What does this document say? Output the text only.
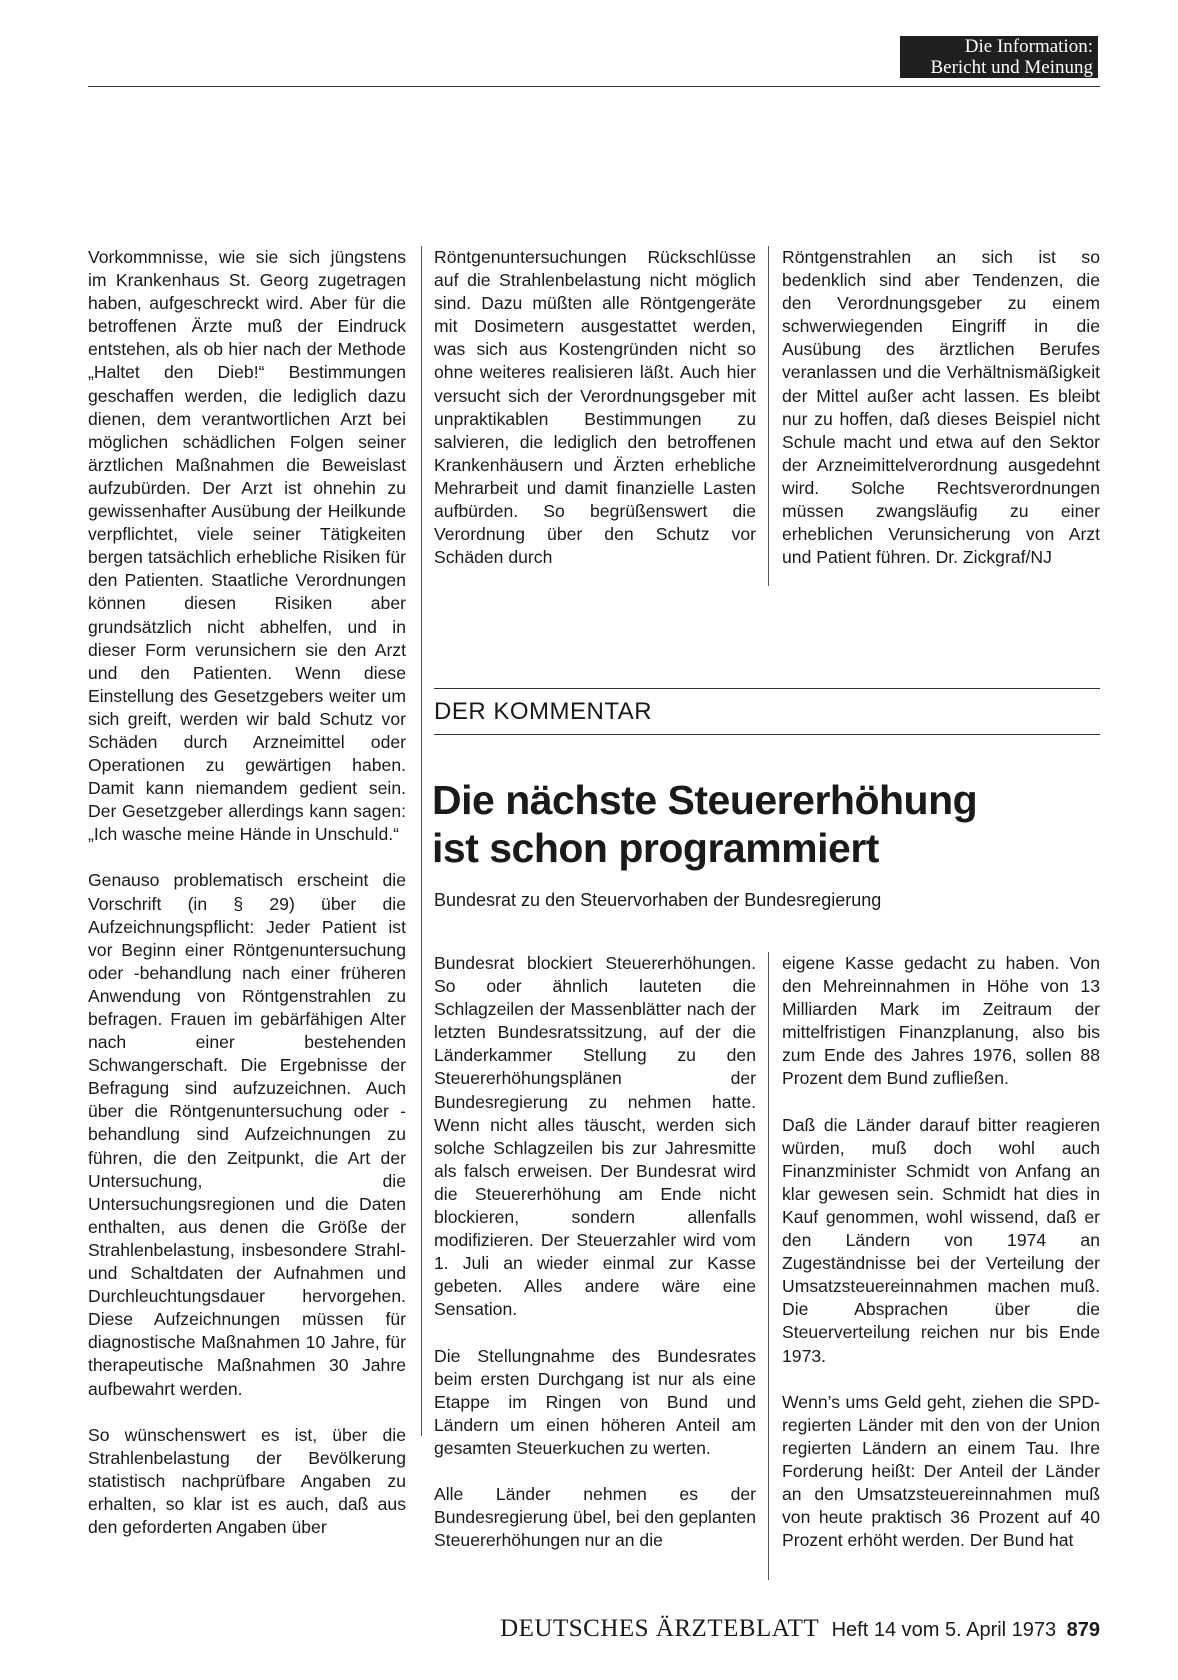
Die Information:
Bericht und Meinung

Vorkommnisse, wie sie sich jüngstens im Krankenhaus St. Georg zugetragen haben, aufgeschreckt wird. Aber für die betroffenen Ärzte muß der Eindruck entstehen, als ob hier nach der Methode „Haltet den Dieb!“ Bestimmungen geschaffen werden, die lediglich dazu dienen, dem verantwortlichen Arzt bei möglichen schädlichen Folgen seiner ärztlichen Maßnahmen die Beweislast aufzubürden. Der Arzt ist ohnehin zu gewissenhafter Ausübung der Heilkunde verpflichtet, viele seiner Tätigkeiten bergen tatsächlich erhebliche Risiken für den Patienten. Staatliche Verordnungen können diesen Risiken aber grundsätzlich nicht abhelfen, und in dieser Form verunsichern sie den Arzt und den Patienten. Wenn diese Einstellung des Gesetzgebers weiter um sich greift, werden wir bald Schutz vor Schäden durch Arzneimittel oder Operationen zu gewärtigen haben. Damit kann niemandem gedient sein. Der Gesetzgeber allerdings kann sagen: „Ich wasche meine Hände in Unschuld.“

Genauso problematisch erscheint die Vorschrift (in § 29) über die Aufzeichnungspflicht: Jeder Patient ist vor Beginn einer Röntgenuntersuchung oder -behandlung nach einer früheren Anwendung von Röntgenstrahlen zu befragen. Frauen im gebärfähigen Alter nach einer bestehenden Schwangerschaft. Die Ergebnisse der Befragung sind aufzuzeichnen. Auch über die Röntgenuntersuchung oder -behandlung sind Aufzeichnungen zu führen, die den Zeitpunkt, die Art der Untersuchung, die Untersuchungsregionen und die Daten enthalten, aus denen die Größe der Strahlenbelastung, insbesondere Strahl- und Schaltdaten der Aufnahmen und Durchleuchtungsdauer hervorgehen. Diese Aufzeichnungen müssen für diagnostische Maßnahmen 10 Jahre, für therapeutische Maßnahmen 30 Jahre aufbewahrt werden.

So wünschenswert es ist, über die Strahlenbelastung der Bevölkerung statistisch nachprüfbare Angaben zu erhalten, so klar ist es auch, daß aus den geforderten Angaben über

Röntgenuntersuchungen Rückschlüsse auf die Strahlenbelastung nicht möglich sind. Dazu müßten alle Röntgengeräte mit Dosimetern ausgestattet werden, was sich aus Kostengründen nicht so ohne weiteres realisieren läßt. Auch hier versucht sich der Verordnungsgeber mit unpraktikablen Bestimmungen zu salvieren, die lediglich den betroffenen Krankenhäusern und Ärzten erhebliche Mehrarbeit und damit finanzielle Lasten aufbürden. So begrüßenswert die Verordnung über den Schutz vor Schäden durch

Röntgenstrahlen an sich ist so bedenklich sind aber Tendenzen, die den Verordnungsgeber zu einem schwerwiegenden Eingriff in die Ausübung des ärztlichen Berufes veranlassen und die Verhältnismäßigkeit der Mittel außer acht lassen. Es bleibt nur zu hoffen, daß dieses Beispiel nicht Schule macht und etwa auf den Sektor der Arzneimittelverordnung ausgedehnt wird. Solche Rechtsverordnungen müssen zwangsläufig zu einer erheblichen Verunsicherung von Arzt und Patient führen. Dr. Zickgraf/NJ

DER KOMMENTAR
Die nächste Steuererhöhung
ist schon programmiert
Bundesrat zu den Steuervorhaben der Bundesregierung

Bundesrat blockiert Steuererhöhungen. So oder ähnlich lauteten die Schlagzeilen der Massenblätter nach der letzten Bundesratssitzung, auf der die Länderkammer Stellung zu den Steuererhöhungsplänen der Bundesregierung zu nehmen hatte. Wenn nicht alles täuscht, werden sich solche Schlagzeilen bis zur Jahresmitte als falsch erweisen. Der Bundesrat wird die Steuererhöhung am Ende nicht blockieren, sondern allenfalls modifizieren. Der Steuerzahler wird vom 1. Juli an wieder einmal zur Kasse gebeten. Alles andere wäre eine Sensation.

Die Stellungnahme des Bundesrates beim ersten Durchgang ist nur als eine Etappe im Ringen von Bund und Ländern um einen höheren Anteil am gesamten Steuerkuchen zu werten.

Alle Länder nehmen es der Bundesregierung übel, bei den geplanten Steuererhöhungen nur an die

eigene Kasse gedacht zu haben. Von den Mehreinnahmen in Höhe von 13 Milliarden Mark im Zeitraum der mittelfristigen Finanzplanung, also bis zum Ende des Jahres 1976, sollen 88 Prozent dem Bund zufließen.

Daß die Länder darauf bitter reagieren würden, muß doch wohl auch Finanzminister Schmidt von Anfang an klar gewesen sein. Schmidt hat dies in Kauf genommen, wohl wissend, daß er den Ländern von 1974 an Zugeständnisse bei der Verteilung der Umsatzsteuereinnahmen machen muß. Die Absprachen über die Steuerverteilung reichen nur bis Ende 1973.

Wenn’s ums Geld geht, ziehen die SPD-regierten Länder mit den von der Union regierten Ländern an einem Tau. Ihre Forderung heißt: Der Anteil der Länder an den Umsatzsteuereinnahmen muß von heute praktisch 36 Prozent auf 40 Prozent erhöht werden. Der Bund hat

DEUTSCHES ÄRZTEBLATT Heft 14 vom 5. April 1973 879
